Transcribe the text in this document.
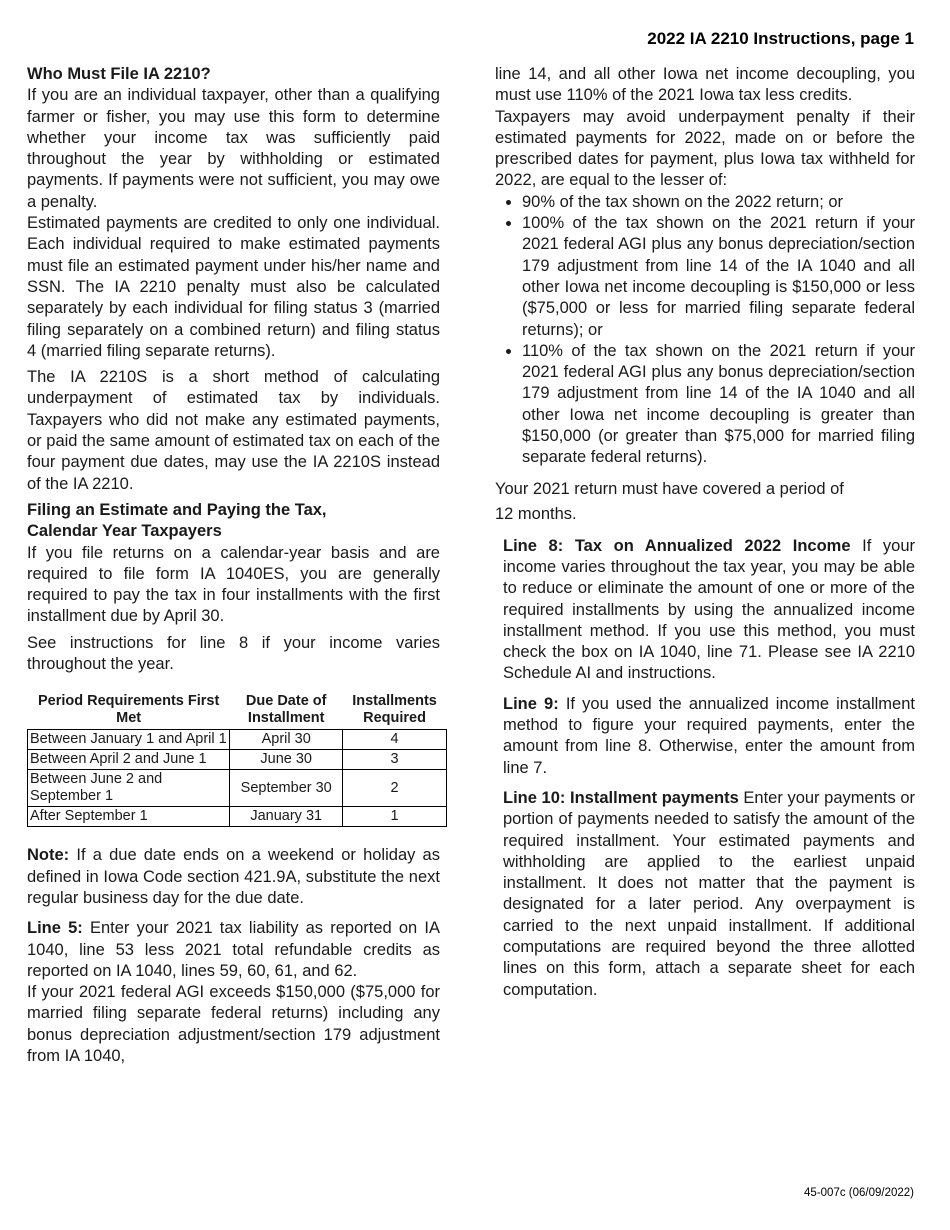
2022 IA 2210 Instructions, page 1

Who Must File IA 2210?

If you are an individual taxpayer, other than a qualifying farmer or fisher, you may use this form to determine whether your income tax was sufficiently paid throughout the year by withholding or estimated payments. If payments were not sufficient, you may owe a penalty.

Estimated payments are credited to only one individual. Each individual required to make estimated payments must file an estimated payment under his/her name and SSN. The IA 2210 penalty must also be calculated separately by each individual for filing status 3 (married filing separately on a combined return) and filing status 4 (married filing separate returns).

The IA 2210S is a short method of calculating underpayment of estimated tax by individuals. Taxpayers who did not make any estimated payments, or paid the same amount of estimated tax on each of the four payment due dates, may use the IA 2210S instead of the IA 2210.

Filing an Estimate and Paying the Tax,

Calendar Year Taxpayers

If you file returns on a calendar-year basis and are required to file form IA 1040ES, you are generally required to pay the tax in four installments with the first installment due by April 30.

See instructions for line 8 if your income varies throughout the year.

Period Requirements First Met	Due Date of Installment	Installments Required
Between January 1 and April 1	April 30	4
Between April 2 and June 1	June 30	3
Between June 2 and September 1	September 30	2
After September 1	January 31	1

Note: If a due date ends on a weekend or holiday as defined in Iowa Code section 421.9A, substitute the next regular business day for the due date.

Line 5: Enter your 2021 tax liability as reported on IA 1040, line 53 less 2021 total refundable credits as reported on IA 1040, lines 59, 60, 61, and 62.

If your 2021 federal AGI exceeds $150,000 ($75,000 for married filing separate federal returns) including any bonus depreciation adjustment/section 179 adjustment from IA 1040,

line 14, and all other Iowa net income decoupling, you must use 110% of the 2021 Iowa tax less credits.

Taxpayers may avoid underpayment penalty if their estimated payments for 2022, made on or before the prescribed dates for payment, plus Iowa tax withheld for 2022, are equal to the lesser of:

• 90% of the tax shown on the 2022 return; or
• 100% of the tax shown on the 2021 return if your 2021 federal AGI plus any bonus depreciation/section 179 adjustment from line 14 of the IA 1040 and all other Iowa net income decoupling is $150,000 or less ($75,000 or less for married filing separate federal returns); or
• 110% of the tax shown on the 2021 return if your 2021 federal AGI plus any bonus depreciation/section 179 adjustment from line 14 of the IA 1040 and all other Iowa net income decoupling is greater than $150,000 (or greater than $75,000 for married filing separate federal returns).

Your 2021 return must have covered a period of

12 months.

Line 8: Tax on Annualized 2022 Income If your income varies throughout the tax year, you may be able to reduce or eliminate the amount of one or more of the required installments by using the annualized income installment method. If you use this method, you must check the box on IA 1040, line 71. Please see IA 2210 Schedule AI and instructions.

Line 9: If you used the annualized income installment method to figure your required payments, enter the amount from line 8. Otherwise, enter the amount from line 7.

Line 10: Installment payments Enter your payments or portion of payments needed to satisfy the amount of the required installment. Your estimated payments and withholding are applied to the earliest unpaid installment. It does not matter that the payment is designated for a later period. Any overpayment is carried to the next unpaid installment. If additional computations are required beyond the three allotted lines on this form, attach a separate sheet for each computation.

45-007c (06/09/2022)
